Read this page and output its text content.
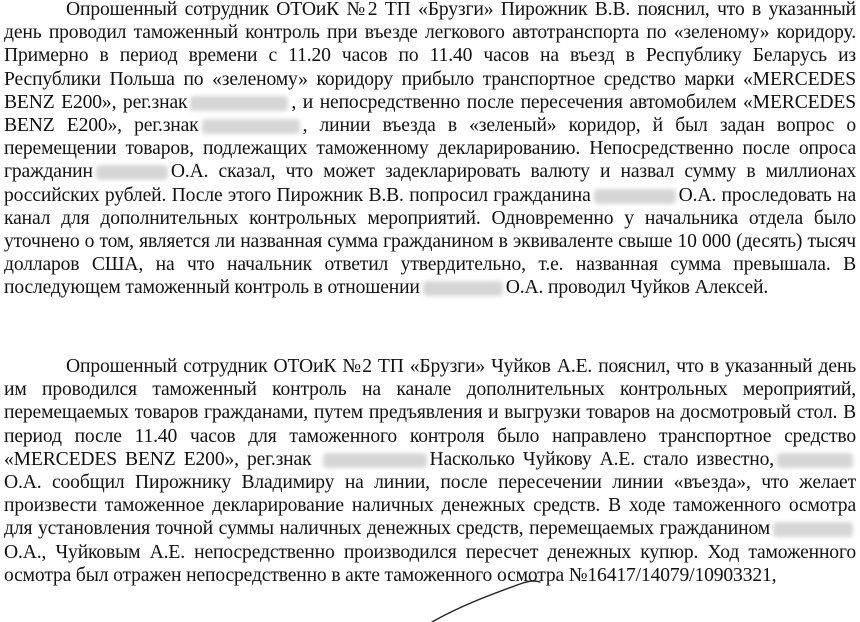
Опрошенный сотрудник ОТОиК №2 ТП «Брузги» Пирожник В.В. пояснил, что в указанный день проводил таможенный контроль при въезде легкового автотранспорта по «зеленому» коридору. Примерно в период времени с 11.20 часов по 11.40 часов на въезд в Республику Беларусь из Республики Польша по «зеленому» коридору прибыло транспортное средство марки «MERCEDES BENZ E200», рег.знак	, и непосредственно после пересечения автомобилем «MERCEDES BENZ E200», рег.знак	, линии въезда в «зеленый» коридор, й был задан вопрос о перемещении товаров, подлежащих таможенному декларированию. Непосредственно после опроса гражданин	О.А. сказал, что может задекларировать валюту и назвал сумму в миллионах российских рублей. После этого Пирожник В.В. попросил гражданина	О.А. проследовать на канал для дополнительных контрольных мероприятий. Одновременно у начальника отдела было уточнено о том, является ли названная сумма гражданином в эквиваленте свыше 10 000 (десять) тысяч долларов США, на что начальник ответил утвердительно, т.е. названная сумма превышала. В последующем таможенный контроль в отношении	О.А. проводил Чуйков Алексей.

Опрошенный сотрудник ОТОиК №2 ТП «Брузги» Чуйков А.Е. пояснил, что в указанный день им проводился таможенный контроль на канале дополнительных контрольных мероприятий, перемещаемых товаров гражданами, путем предъявления и выгрузки товаров на досмотровый стол. В период после 11.40 часов для таможенного контроля было направлено транспортное средство «MERCEDES BENZ E200», рег.знак	Насколько Чуйкову А.Е. стало известно,О.А. сообщил Пирожнику Владимиру на линии, после пересечении линии «въезда», что желает произвести таможенное декларирование наличных денежных средств. В ходе таможенного осмотра для установления точной суммы наличных денежных средств, перемещаемых гражданиномО.А., Чуйковым А.Е. непосредственно производился пересчет денежных купюр. Ход таможенного осмотра был отражен непосредственно в акте таможенного осмотра №16417/14079/10903321,
